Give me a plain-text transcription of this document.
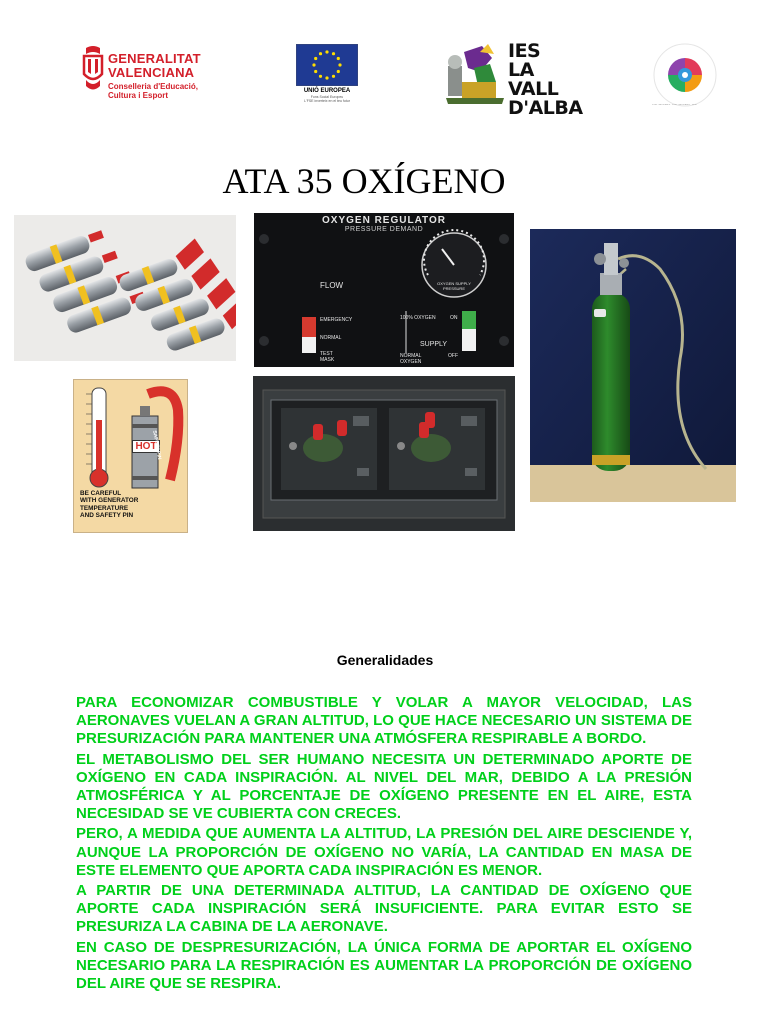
GENERALITAT
VALENCIANA
Conselleria d'Educació,
Cultura i Esport	UNIÓ EUROPEA
Fons Social Europeu
L'FSE inverteix en el teu futur
IES
LA VALL
D'ALBA	VIDA · SALUDABLE · VIDA · SALUDABLE · VIDA
ATA 35 OXÍGENO
OXYGEN REGULATOR
PRESSURE DEMAND
FLOW	OXYGEN SUPPLY PRESSURE
EMERGENCY
NORMAL
TEST MASK
100% OXYGEN
NORMAL OXYGEN
SUPPLY
ON
OFF
HOT
SAFETY PIN
BE CAREFUL
WITH GENERATOR
TEMPERATURE
AND SAFETY PIN
Generalidades

PARA ECONOMIZAR COMBUSTIBLE Y VOLAR A MAYOR VELOCIDAD, LAS AERONAVES VUELAN A GRAN ALTITUD, LO QUE HACE NECESARIO UN SISTEMA DE PRESURIZACIÓN PARA MANTENER UNA ATMÓSFERA RESPIRABLE A BORDO.

EL METABOLISMO DEL SER HUMANO NECESITA UN DETERMINADO APORTE DE OXÍGENO EN CADA INSPIRACIÓN. AL NIVEL DEL MAR, DEBIDO A LA PRESIÓN ATMOSFÉRICA Y AL PORCENTAJE DE OXÍGENO PRESENTE EN EL AIRE, ESTA NECESIDAD SE VE CUBIERTA CON CRECES.

PERO, A MEDIDA QUE AUMENTA LA ALTITUD, LA PRESIÓN DEL AIRE DESCIENDE Y, AUNQUE LA PROPORCIÓN DE OXÍGENO NO VARÍA, LA CANTIDAD EN MASA DE ESTE ELEMENTO QUE APORTA CADA INSPIRACIÓN ES MENOR.

A PARTIR DE UNA DETERMINADA ALTITUD, LA CANTIDAD DE OXÍGENO QUE APORTE CADA INSPIRACIÓN SERÁ INSUFICIENTE. PARA EVITAR ESTO SE PRESURIZA LA CABINA DE LA AERONAVE.

EN CASO DE DESPRESURIZACIÓN, LA ÚNICA FORMA DE APORTAR EL OXÍGENO NECESARIO PARA LA RESPIRACIÓN ES AUMENTAR LA PROPORCIÓN DE OXÍGENO DEL AIRE QUE SE RESPIRA.
